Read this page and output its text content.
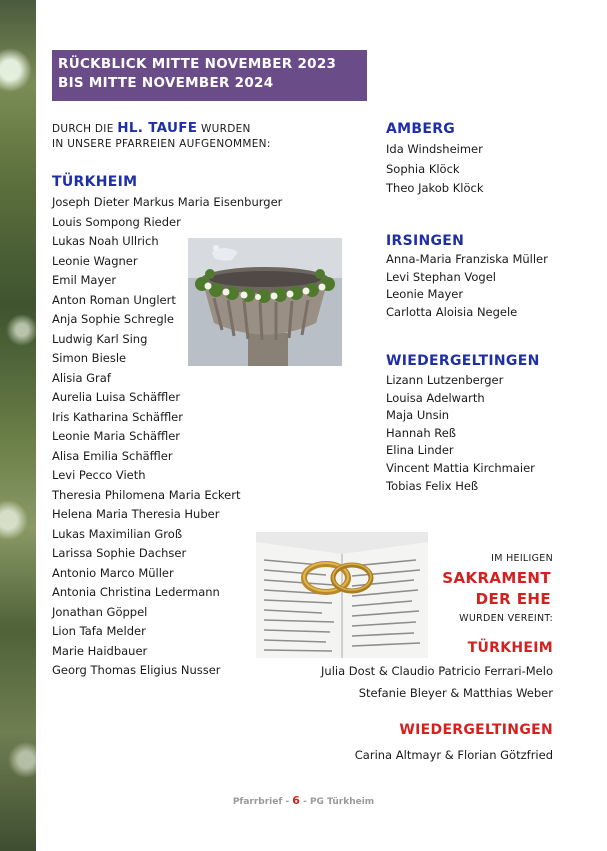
RÜCKBLICK MITTE NOVEMBER 2023
BIS MITTE NOVEMBER 2024
DURCH DIE HL. TAUFE WURDEN
IN UNSERE PFARREIEN AUFGENOMMEN:
TÜRKHEIM
Joseph Dieter Markus Maria Eisenburger
Louis Sompong Rieder
Lukas Noah Ullrich
Leonie Wagner
Emil Mayer
Anton Roman Unglert
Anja Sophie Schregle
Ludwig Karl Sing
Simon Biesle
Alisia Graf
Aurelia Luisa Schäffler
Iris Katharina Schäffler
Leonie Maria Schäffler
Alisa Emilia Schäffler
Levi Pecco Vieth
Theresia Philomena Maria Eckert
Helena Maria Theresia Huber
Lukas Maximilian Groß
Larissa Sophie Dachser
Antonio Marco Müller
Antonia Christina Ledermann
Jonathan Göppel
Lion Tafa Melder
Marie Haidbauer
Georg Thomas Eligius Nusser
AMBERG
Ida Windsheimer
Sophia Klöck
Theo Jakob Klöck
IRSINGEN
Anna-Maria Franziska Müller
Levi Stephan Vogel
Leonie Mayer
Carlotta Aloisia Negele
WIEDERGELTINGEN
Lizann Lutzenberger
Louisa Adelwarth
Maja Unsin
Hannah Reß
Elina Linder
Vincent Mattia Kirchmaier
Tobias Felix Heß
IM HEILIGEN
SAKRAMENT
DER EHE
WURDEN VEREINT:
TÜRKHEIM
Julia Dost & Claudio Patricio Ferrari-Melo
Stefanie Bleyer & Matthias Weber
WIEDERGELTINGEN
Carina Altmayr & Florian Götzfried
Pfarrbrief - 6 - PG Türkheim
